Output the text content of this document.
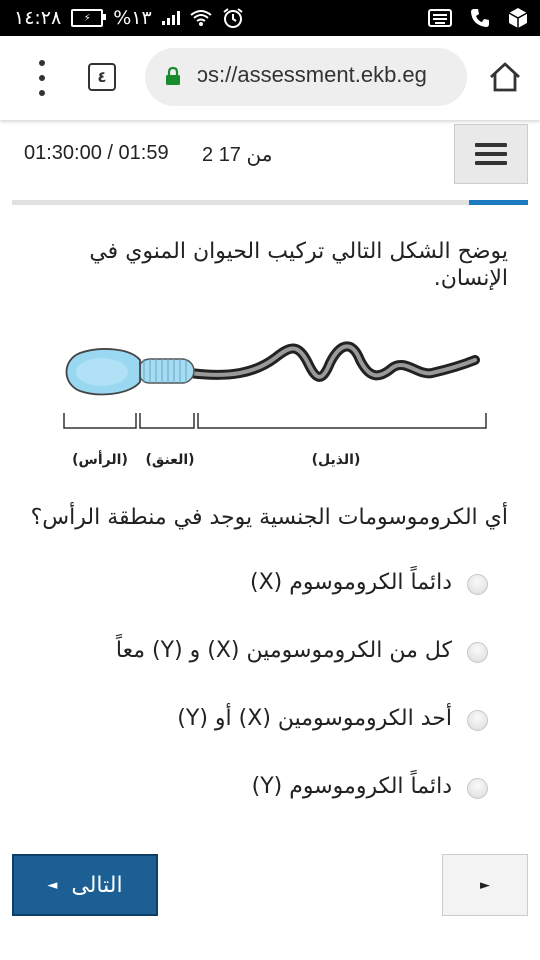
١٤:٢٨	⚡	%١٣
٤	ɔs://assessment.ekb.eg
01:30:00 / 01:59 2 من 17
يوضح الشكل التالي تركيب الحيوان المنوي في الإنسان.
(الرأس) (العنق)	(الذيل)
أي الكروموسومات الجنسية يوجد في منطقة الرأس؟
دائماً الكروموسوم (X)
كل من الكروموسومين (X) و (Y) معاً
أحد الكروموسومين (X) أو (Y)
دائماً الكروموسوم (Y)
◄ التالى	►
